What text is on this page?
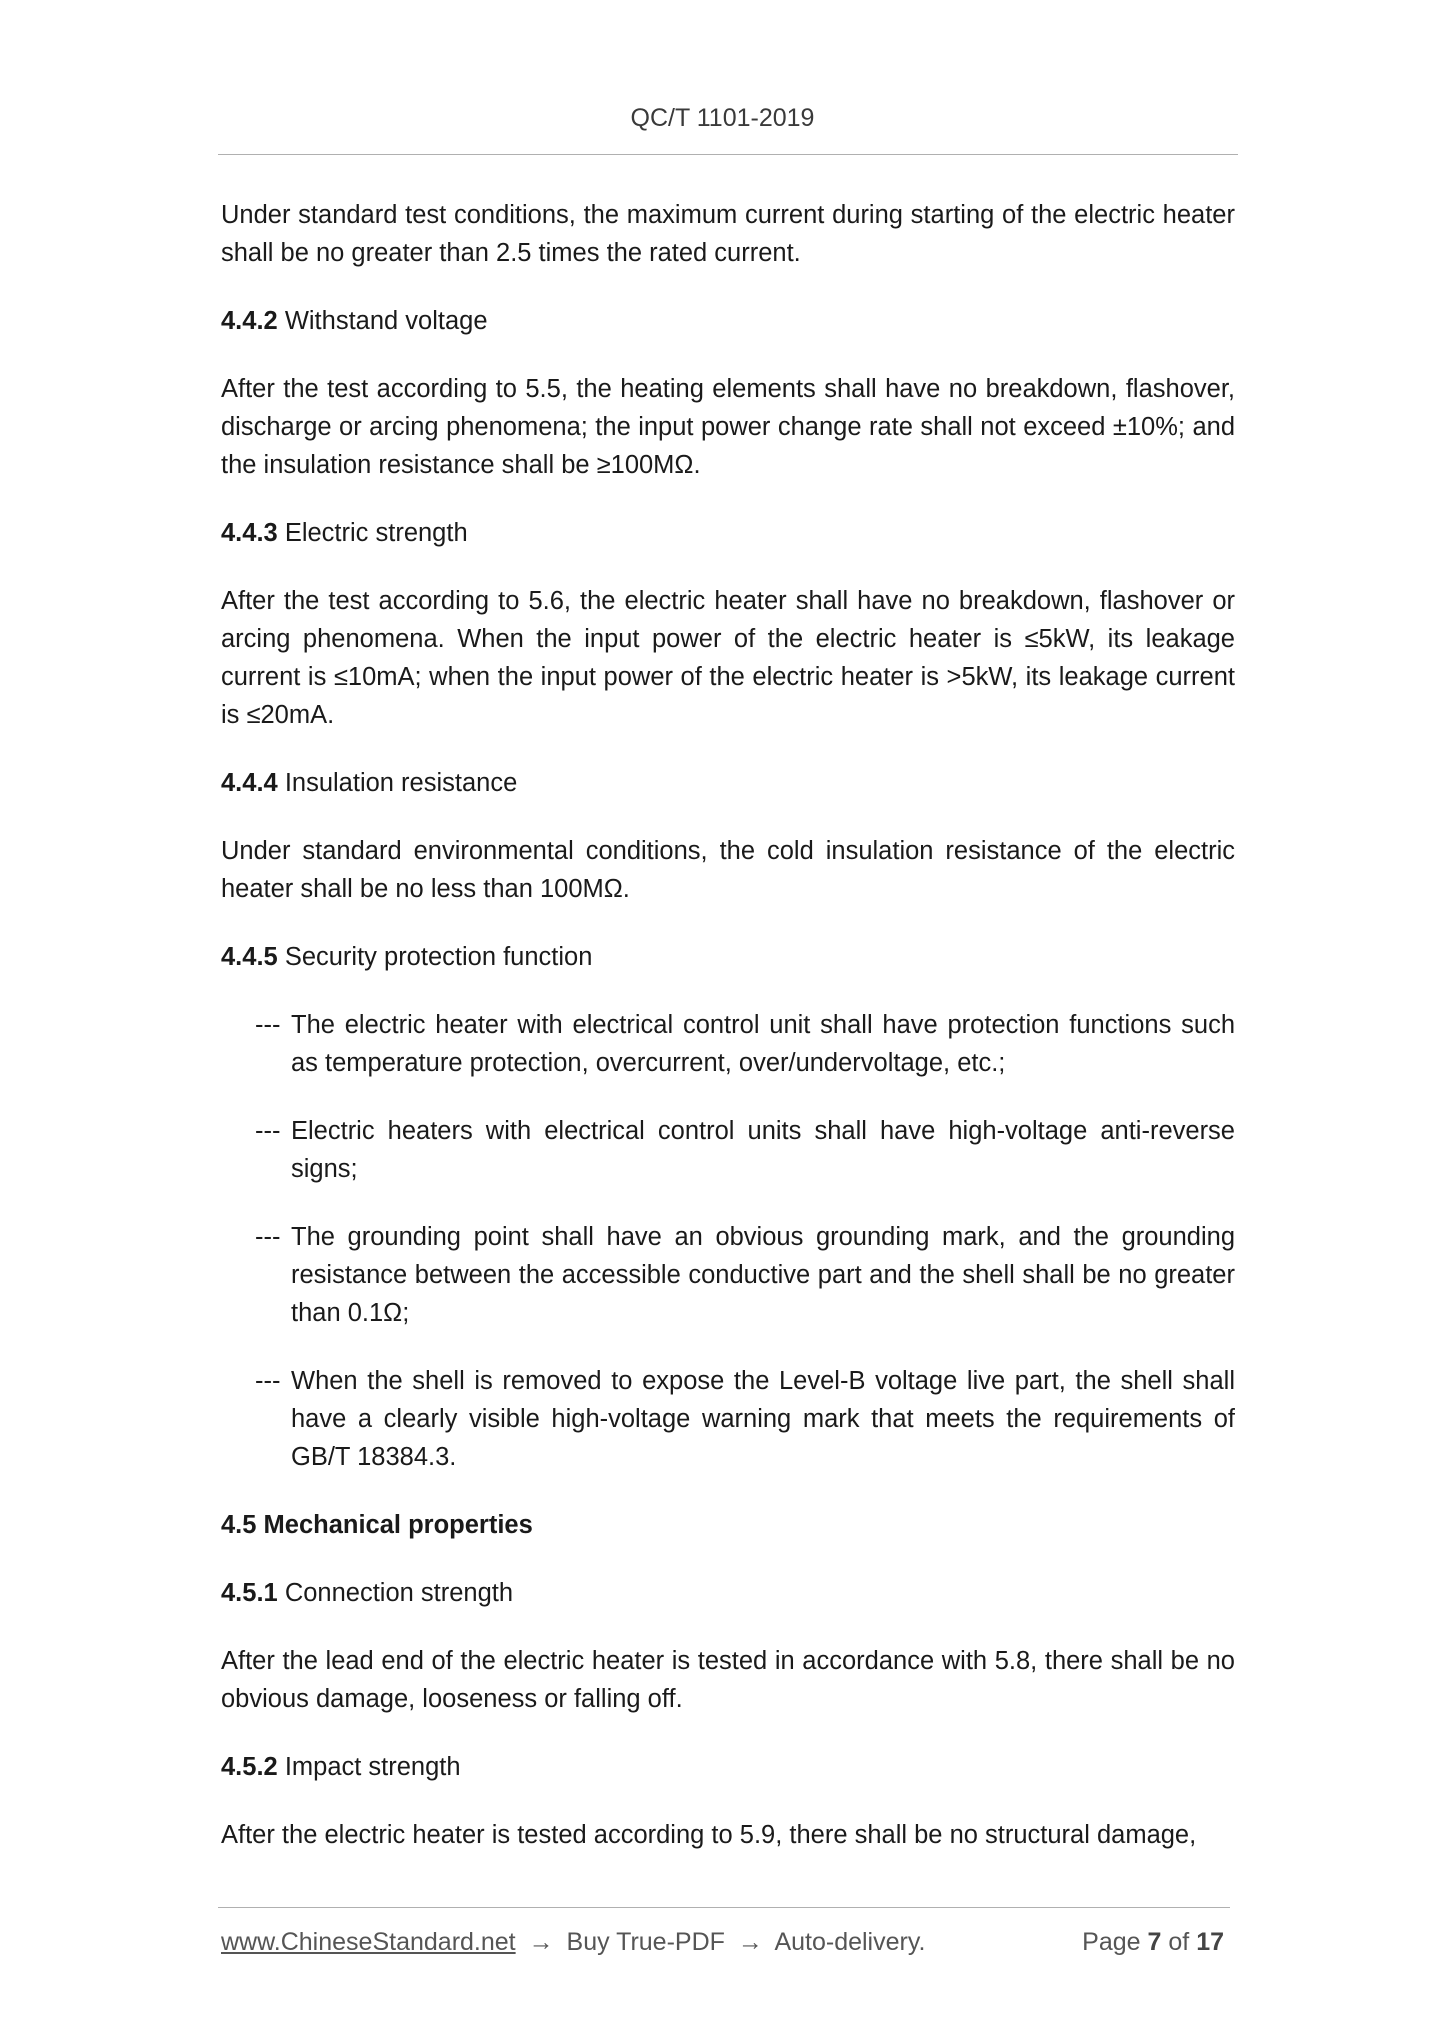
QC/T 1101-2019

Under standard test conditions, the maximum current during starting of the electric heater shall be no greater than 2.5 times the rated current.

4.4.2 Withstand voltage

After the test according to 5.5, the heating elements shall have no breakdown, flashover, discharge or arcing phenomena; the input power change rate shall not exceed ±10%; and the insulation resistance shall be ≥100MΩ.

4.4.3 Electric strength

After the test according to 5.6, the electric heater shall have no breakdown, flashover or arcing phenomena. When the input power of the electric heater is ≤5kW, its leakage current is ≤10mA; when the input power of the electric heater is >5kW, its leakage current is ≤20mA.

4.4.4 Insulation resistance

Under standard environmental conditions, the cold insulation resistance of the electric heater shall be no less than 100MΩ.

4.4.5 Security protection function

--- The electric heater with electrical control unit shall have protection functions such as temperature protection, overcurrent, over/undervoltage, etc.;
--- Electric heaters with electrical control units shall have high-voltage anti-reverse signs;
--- The grounding point shall have an obvious grounding mark, and the grounding resistance between the accessible conductive part and the shell shall be no greater than 0.1Ω;
--- When the shell is removed to expose the Level-B voltage live part, the shell shall have a clearly visible high-voltage warning mark that meets the requirements of GB/T 18384.3.

4.5 Mechanical properties

4.5.1 Connection strength

After the lead end of the electric heater is tested in accordance with 5.8, there shall be no obvious damage, looseness or falling off.

4.5.2 Impact strength

After the electric heater is tested according to 5.9, there shall be no structural damage,

www.ChineseStandard.net → Buy True-PDF → Auto-delivery.	Page 7 of 17
